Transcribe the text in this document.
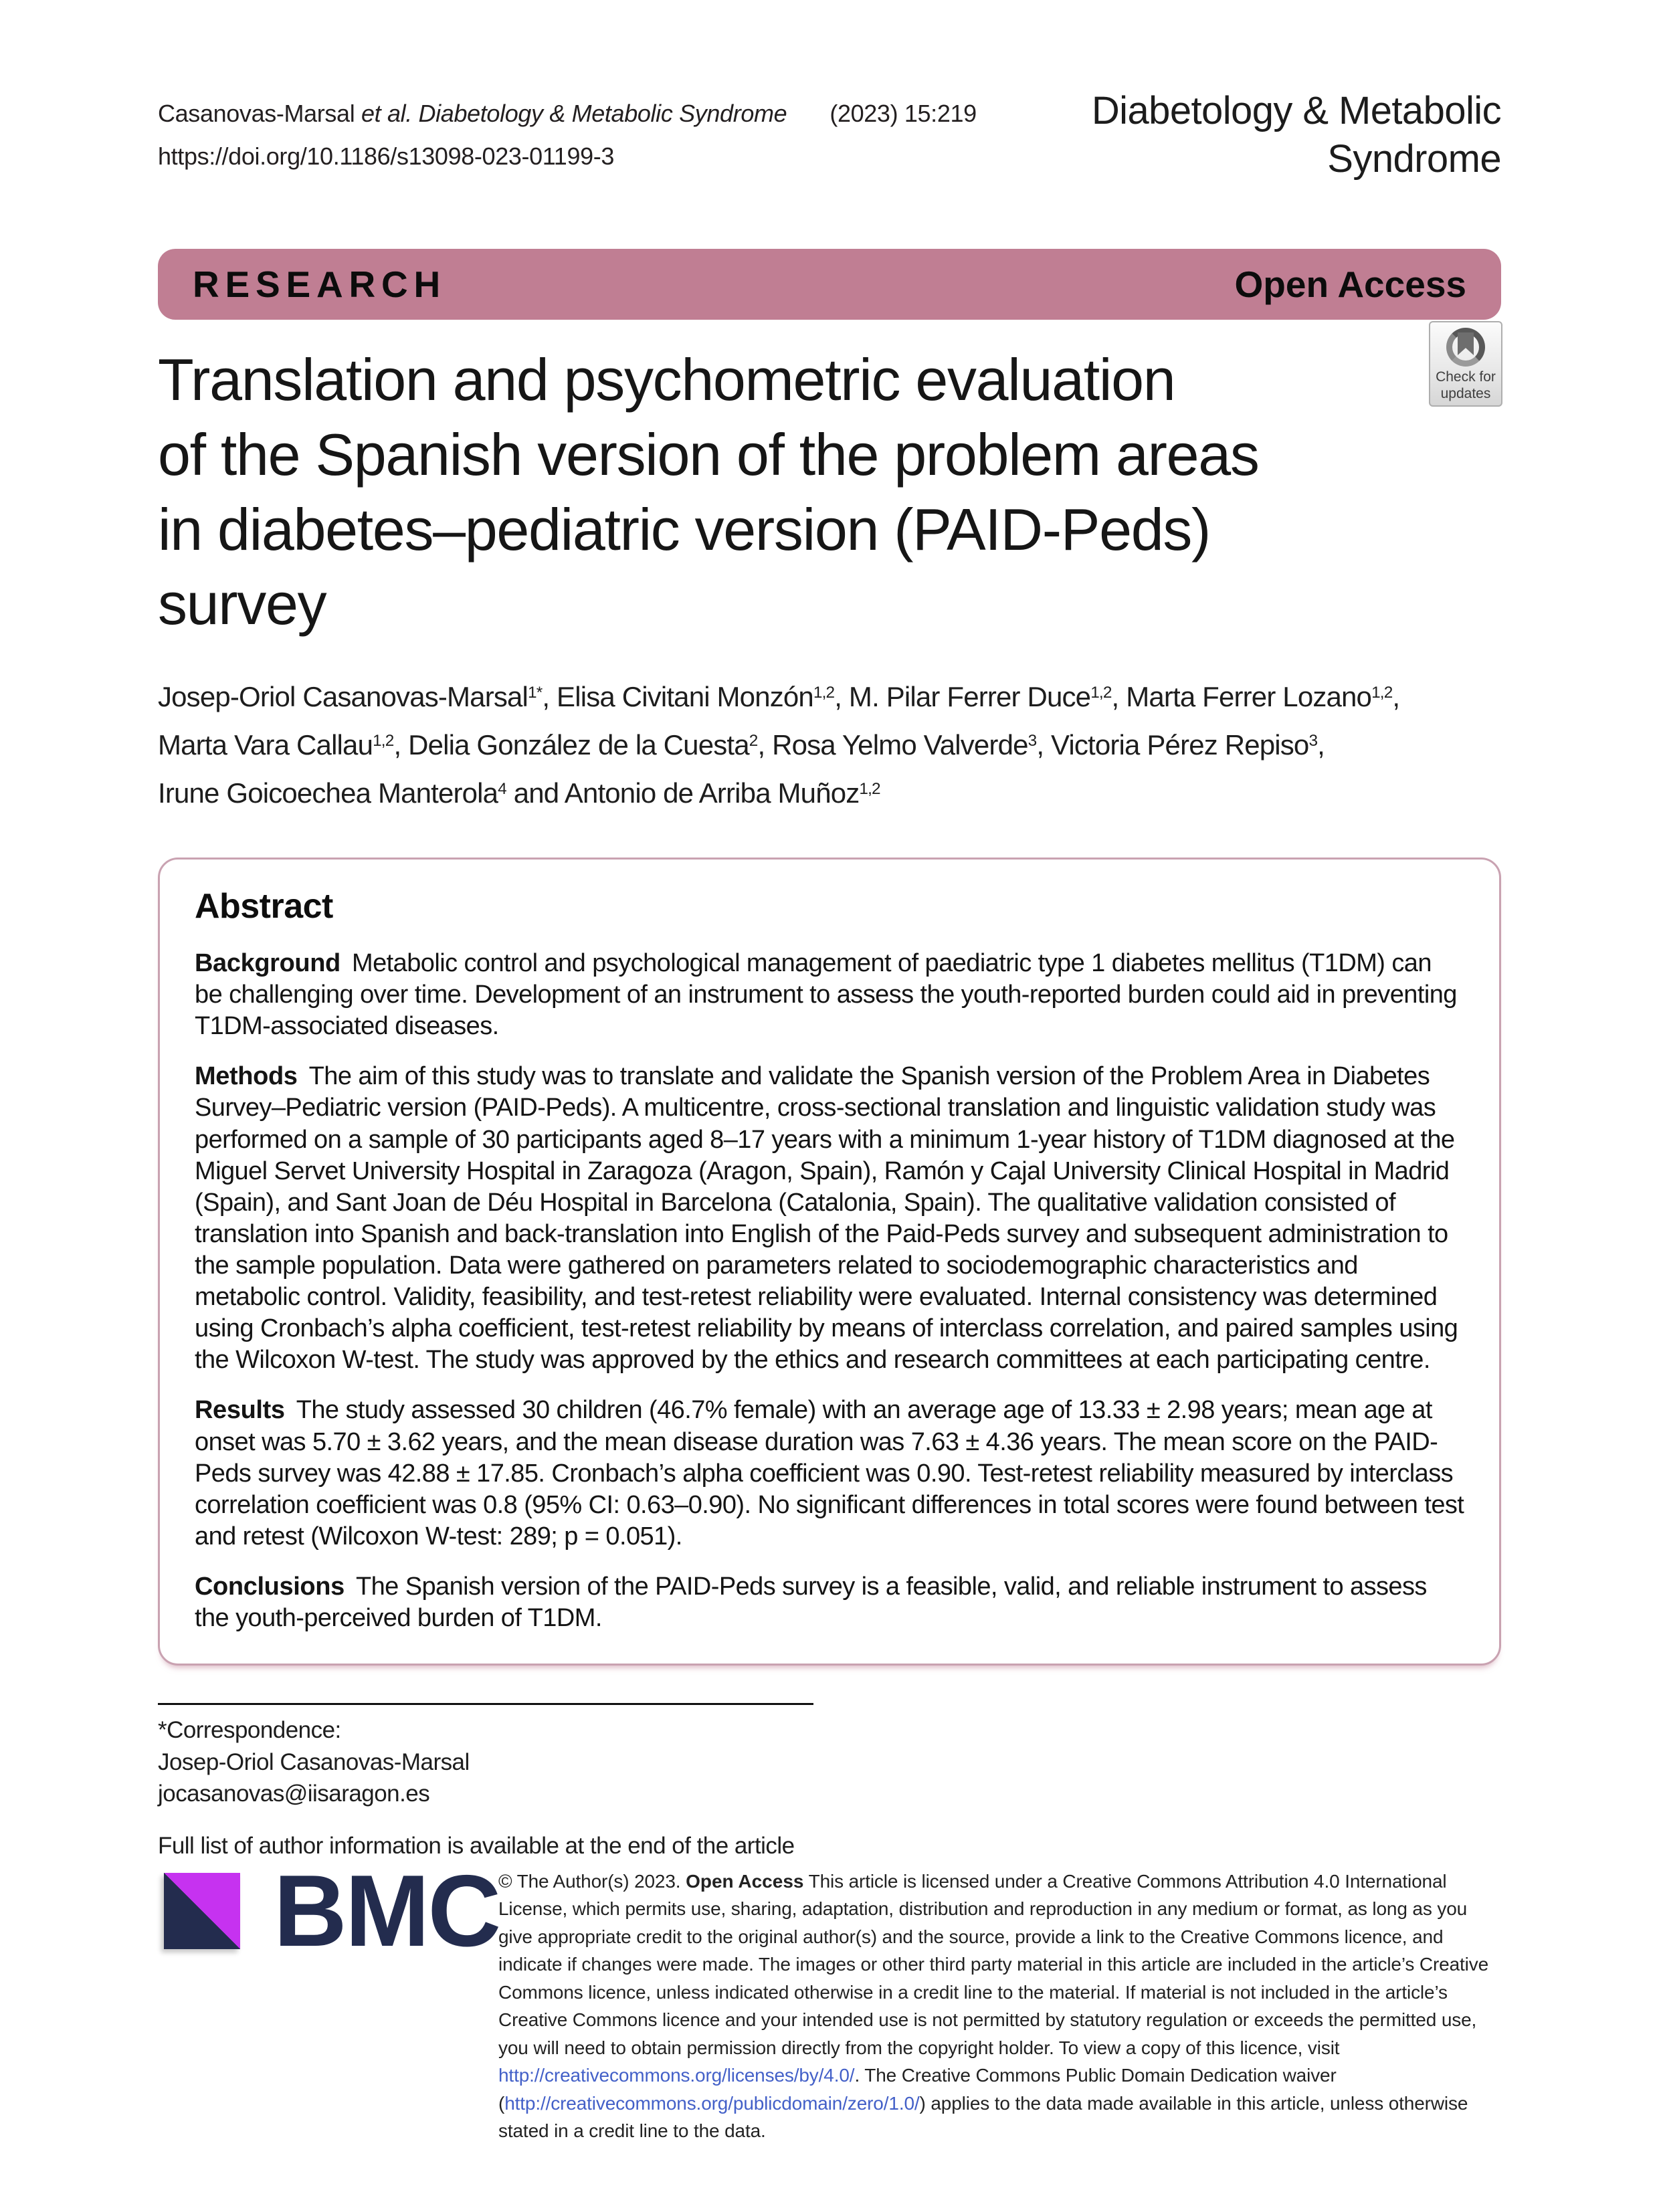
Casanovas-Marsal et al. Diabetology & Metabolic Syndrome (2023) 15:219
https://doi.org/10.1186/s13098-023-01199-3
Diabetology & Metabolic
Syndrome
RESEARCH	Open Access
Check for
updates
Translation and psychometric evaluation
of the Spanish version of the problem areas
in diabetes–pediatric version (PAID-Peds)
survey
Josep-Oriol Casanovas-Marsal$^{1*}$, Elisa Civitani Monzón$^{1,2}$, M. Pilar Ferrer Duce$^{1,2}$, Marta Ferrer Lozano$^{1,2}$,
Marta Vara Callau$^{1,2}$, Delia González de la Cuesta$^2$, Rosa Yelmo Valverde$^3$, Victoria Pérez Repiso$^3$,
Irune Goicoechea Manterola$^4$ and Antonio de Arriba Muñoz$^{1,2}$
Abstract

Background Metabolic control and psychological management of paediatric type 1 diabetes mellitus (T1DM) can be challenging over time. Development of an instrument to assess the youth-reported burden could aid in preventing T1DM-associated diseases.

Methods The aim of this study was to translate and validate the Spanish version of the Problem Area in Diabetes Survey–Pediatric version (PAID-Peds). A multicentre, cross-sectional translation and linguistic validation study was performed on a sample of 30 participants aged 8–17 years with a minimum 1-year history of T1DM diagnosed at the Miguel Servet University Hospital in Zaragoza (Aragon, Spain), Ramón y Cajal University Clinical Hospital in Madrid (Spain), and Sant Joan de Déu Hospital in Barcelona (Catalonia, Spain). The qualitative validation consisted of translation into Spanish and back-translation into English of the Paid-Peds survey and subsequent administration to the sample population. Data were gathered on parameters related to sociodemographic characteristics and metabolic control. Validity, feasibility, and test-retest reliability were evaluated. Internal consistency was determined using Cronbach’s alpha coefficient, test-retest reliability by means of interclass correlation, and paired samples using the Wilcoxon W-test. The study was approved by the ethics and research committees at each participating centre.

Results The study assessed 30 children (46.7% female) with an average age of 13.33 ± 2.98 years; mean age at onset was 5.70 ± 3.62 years, and the mean disease duration was 7.63 ± 4.36 years. The mean score on the PAID-Peds survey was 42.88 ± 17.85. Cronbach’s alpha coefficient was 0.90. Test-retest reliability measured by interclass correlation coefficient was 0.8 (95% CI: 0.63–0.90). No significant differences in total scores were found between test and retest (Wilcoxon W-test: 289; p = 0.051).

Conclusions The Spanish version of the PAID-Peds survey is a feasible, valid, and reliable instrument to assess the youth-perceived burden of T1DM.

*Correspondence:
Josep-Oriol Casanovas-Marsal
jocasanovas@iisaragon.es
Full list of author information is available at the end of the article
BMC
© The Author(s) 2023. Open Access This article is licensed under a Creative Commons Attribution 4.0 International License, which permits use, sharing, adaptation, distribution and reproduction in any medium or format, as long as you give appropriate credit to the original author(s) and the source, provide a link to the Creative Commons licence, and indicate if changes were made. The images or other third party material in this article are included in the article’s Creative Commons licence, unless indicated otherwise in a credit line to the material. If material is not included in the article’s Creative Commons licence and your intended use is not permitted by statutory regulation or exceeds the permitted use, you will need to obtain permission directly from the copyright holder. To view a copy of this licence, visit http://creativecommons.org/licenses/by/4.0/. The Creative Commons Public Domain Dedication waiver (http://creativecommons.org/publicdomain/zero/1.0/) applies to the data made available in this article, unless otherwise stated in a credit line to the data.
